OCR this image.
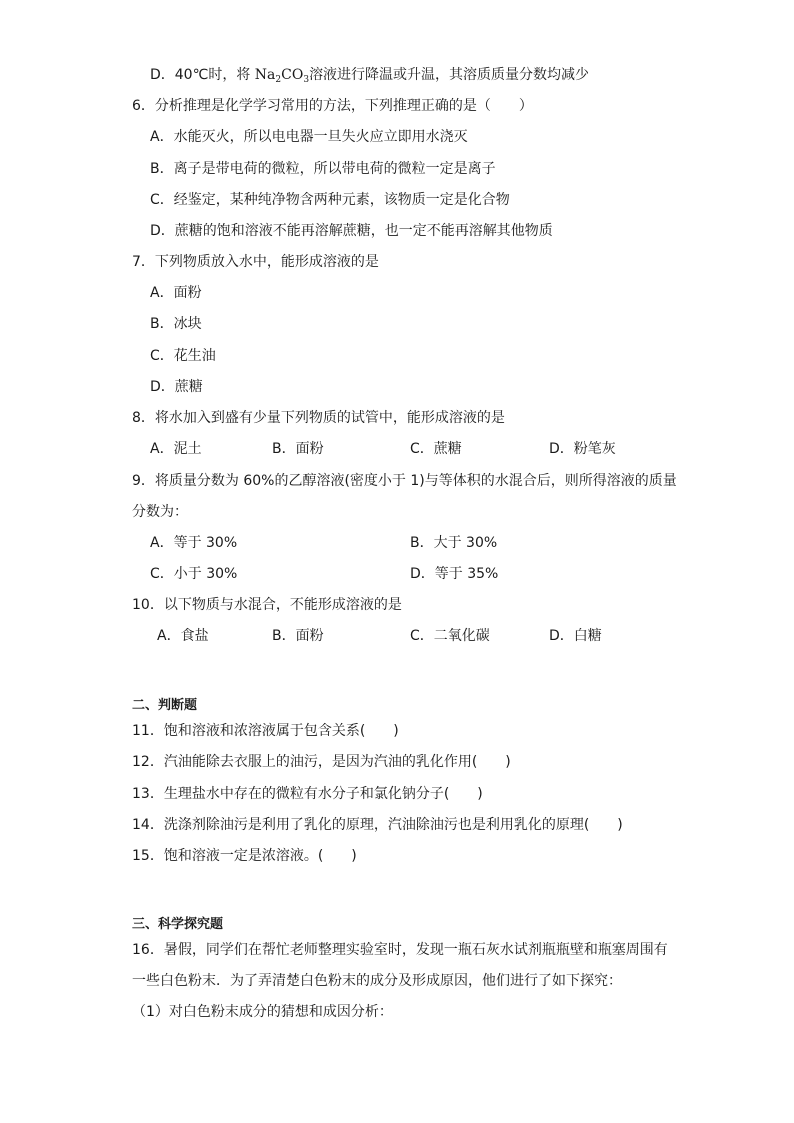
D．40℃时，将 $Na_2CO_3$溶液进行降温或升温，其溶质质量分数均减少
6．分析推理是化学学习常用的方法，下列推理正确的是（　　）
A．水能灭火，所以电电器一旦失火应立即用水浇灭
B．离子是带电荷的微粒，所以带电荷的微粒一定是离子
C．经鉴定，某种纯净物含两种元素，该物质一定是化合物
D．蔗糖的饱和溶液不能再溶解蔗糖，也一定不能再溶解其他物质
7．下列物质放入水中，能形成溶液的是
A．面粉
B．冰块
C．花生油
D．蔗糖
8．将水加入到盛有少量下列物质的试管中，能形成溶液的是
A．泥土	B．面粉	C．蔗糖	D．粉笔灰
9．将质量分数为 60%的乙醇溶液(密度小于 1)与等体积的水混合后，则所得溶液的质量
分数为：
A．等于 30%	B．大于 30%
C．小于 30%	D．等于 35%
10．以下物质与水混合，不能形成溶液的是
A．食盐	B．面粉	C．二氧化碳	D．白糖
二、判断题
11．饱和溶液和浓溶液属于包含关系(　　)
12．汽油能除去衣服上的油污，是因为汽油的乳化作用(　　)
13．生理盐水中存在的微粒有水分子和氯化钠分子(　　)
14．洗涤剂除油污是利用了乳化的原理，汽油除油污也是利用乳化的原理(　　)
15．饱和溶液一定是浓溶液。(　　)
三、科学探究题
16．暑假，同学们在帮忙老师整理实验室时，发现一瓶石灰水试剂瓶瓶壁和瓶塞周围有
一些白色粉末．为了弄清楚白色粉末的成分及形成原因，他们进行了如下探究：
（1）对白色粉末成分的猜想和成因分析：
